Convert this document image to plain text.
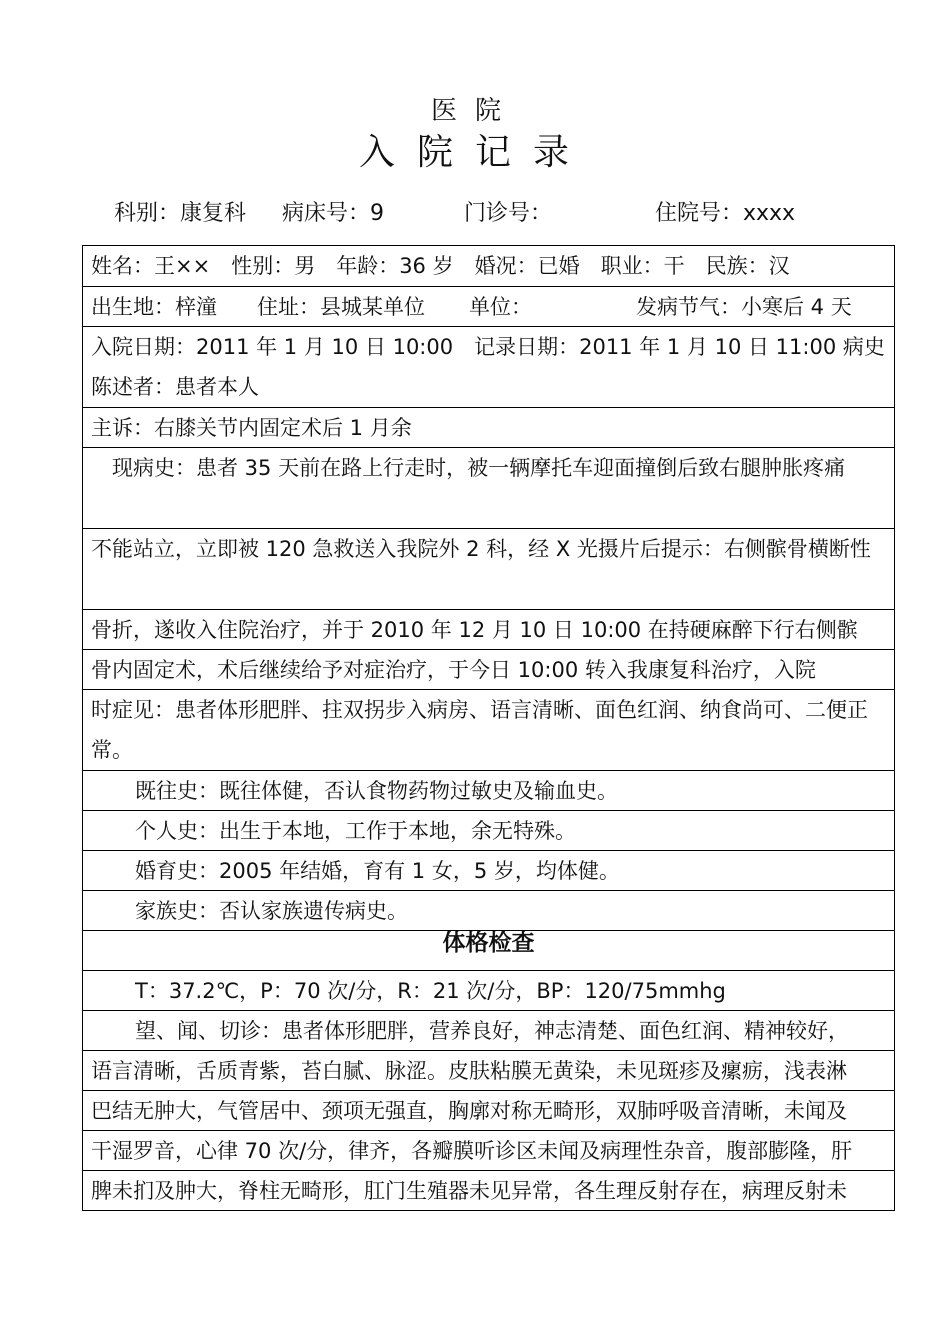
医院
入院记录
科别：康复科 病床号：9	门诊号：	住院号：xxxx
姓名：王××　性别：男　年龄：36 岁　婚况：已婚　职业：干　民族：汉
出生地：梓潼 住址：县城某单位 单位：	发病节气：小寒后 4 天
入院日期：2011 年 1 月 10 日 10:00　记录日期：2011 年 1 月 10 日 11:00 病史陈述者：患者本人
主诉：右膝关节内固定术后 1 月余
　现病史：患者 35 天前在路上行走时，被一辆摩托车迎面撞倒后致右腿肿胀疼痛
不能站立，立即被 120 急救送入我院外 2 科，经 X 光摄片后提示：右侧髌骨横断性
骨折，遂收入住院治疗，并于 2010 年 12 月 10 日 10:00 在持硬麻醉下行右侧髌
骨内固定术，术后继续给予对症治疗，于今日 10:00 转入我康复科治疗，入院
时症见：患者体形肥胖、拄双拐步入病房、语言清晰、面色红润、纳食尚可、二便正常。
既往史：既往体健，否认食物药物过敏史及输血史。
个人史：出生于本地，工作于本地，余无特殊。
婚育史：2005 年结婚，育有 1 女，5 岁，均体健。
家族史：否认家族遗传病史。
体格检查
T：37.2℃，P：70 次/分，R：21 次/分，BP：120/75mmhg
望、闻、切诊：患者体形肥胖，营养良好，神志清楚、面色红润、精神较好，
语言清晰，舌质青紫，苔白腻、脉涩。皮肤粘膜无黄染，未见斑疹及瘰疬，浅表淋
巴结无肿大，气管居中、颈项无强直，胸廓对称无畸形，双肺呼吸音清晰，未闻及
干湿罗音，心律 70 次/分，律齐，各瓣膜听诊区未闻及病理性杂音，腹部膨隆，肝
脾未扪及肿大，脊柱无畸形，肛门生殖器未见异常，各生理反射存在，病理反射未
